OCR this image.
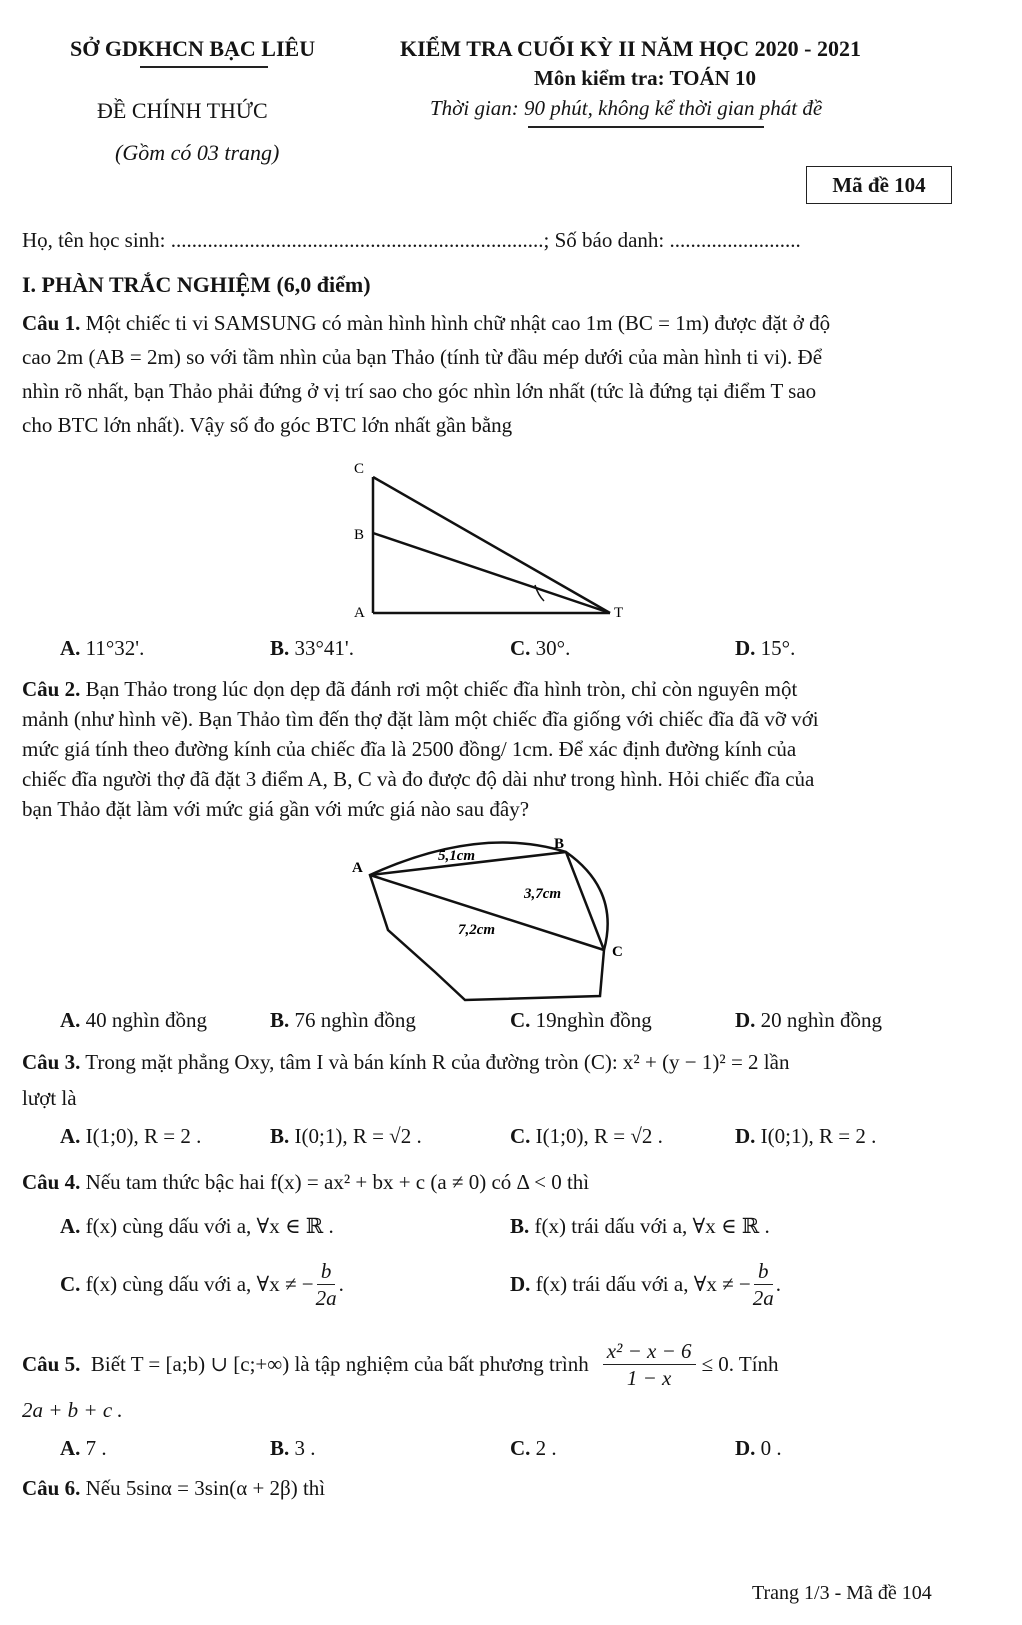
SỞ GDKHCN BẠC LIÊU
ĐỀ CHÍNH THỨC
(Gồm có 03 trang)
KIỂM TRA CUỐI KỲ II NĂM HỌC 2020 - 2021
Môn kiểm tra: TOÁN 10
Thời gian: 90 phút, không kể thời gian phát đề
Mã đề 104
Họ, tên học sinh: .......................................................................; Số báo danh: .........................
I. PHÀN TRẮC NGHIỆM (6,0 điểm)
Câu 1. Một chiếc ti vi SAMSUNG có màn hình hình chữ nhật cao 1m (BC = 1m) được đặt ở độ
cao 2m (AB = 2m) so với tầm nhìn của bạn Thảo (tính từ đầu mép dưới của màn hình ti vi). Để
nhìn rõ nhất, bạn Thảo phải đứng ở vị trí sao cho góc nhìn lớn nhất (tức là đứng tại điểm T sao
cho BTC lớn nhất). Vậy số đo góc BTC lớn nhất gần bằng
C
B
A	T
A. 11°32'.	B. 33°41'.	C. 30°.	D. 15°.
Câu 2. Bạn Thảo trong lúc dọn dẹp đã đánh rơi một chiếc đĩa hình tròn, chỉ còn nguyên một
mảnh (như hình vẽ). Bạn Thảo tìm đến thợ đặt làm một chiếc đĩa giống với chiếc đĩa đã vỡ với
mức giá tính theo đường kính của chiếc đĩa là 2500 đồng/ 1cm. Để xác định đường kính của
chiếc đĩa người thợ đã đặt 3 điểm A, B, C và đo được độ dài như trong hình. Hỏi chiếc đĩa của
bạn Thảo đặt làm với mức giá gần với mức giá nào sau đây?
A
B
C
5,1cm
3,7cm
7,2cm
A. 40 nghìn đồng	B. 76 nghìn đồng	C. 19nghìn đồng	D. 20 nghìn đồng
Câu 3. Trong mặt phẳng Oxy, tâm I và bán kính R của đường tròn (C): x² + (y − 1)² = 2 lần
lượt là
A. I(1;0), R = 2 .	B. I(0;1), R = √2 .	C. I(1;0), R = √2 .	D. I(0;1), R = 2 .
Câu 4. Nếu tam thức bậc hai f(x) = ax² + bx + c (a ≠ 0) có Δ < 0 thì
A. f(x) cùng dấu với a, ∀x ∈ ℝ .	B. f(x) trái dấu với a, ∀x ∈ ℝ .
C.
f(x) cùng dấu với a, ∀x ≠ − $\frac{b}{2a}$ .	D.
f(x) trái dấu với a, ∀x ≠ − $\frac{b}{2a}$ .
Câu 5.
Biết T = [a;b) ∪ [c;+∞) là tập nghiệm của bất phương trình $\frac{\text{x² − x − 6}}{1 - x} \le 0$. Tính
2a + b + c .
A. 7 .	B. 3 .	C. 2 .	D. 0 .
Câu 6. Nếu 5sinα = 3sin(α + 2β) thì
Trang 1/3 - Mã đề 104
